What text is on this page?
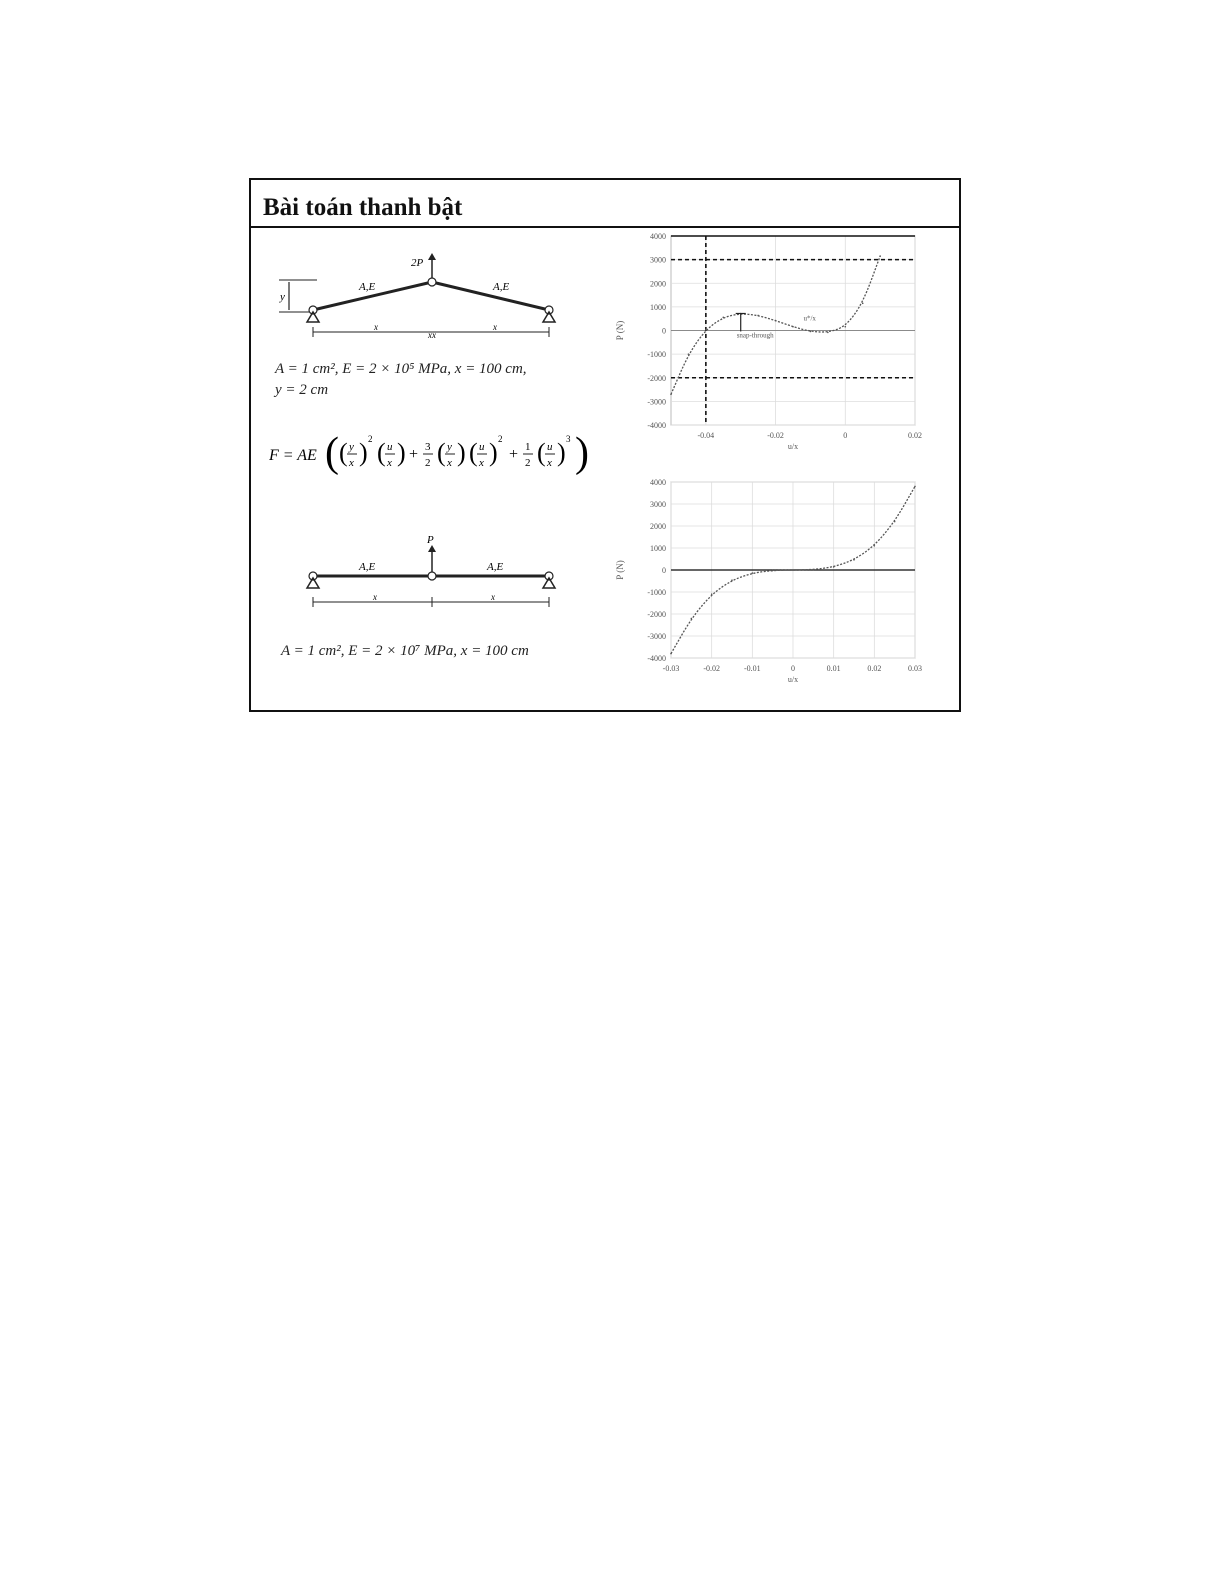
Bài toán thanh bật
y
2P
A,E	A,E
x
xx
x
A = 1 cm², E = 2 × 10⁵ MPa, x = 100 cm,
y = 2 cm
F = AE ( ( y
x ) 2 ( u
x ) + 3
2 ( y
x ) ( u
x ) 2
+ 1
2 ( u
x ) 3 )
P
A,E	A,E
x	x
A = 1 cm², E = 2 × 10⁷ MPa, x = 100 cm
4000
3000
2000
1000
0
-1000
-2000
-3000
-4000
-0.04	-0.02	0	0.02
u/x
P (N)	snap-through
u*/x
4000
3000
2000
1000
0
-1000
-2000
-3000
-4000
-0.03	-0.02	-0.01	0	0.01	0.02	0.03
u/x
P (N)
